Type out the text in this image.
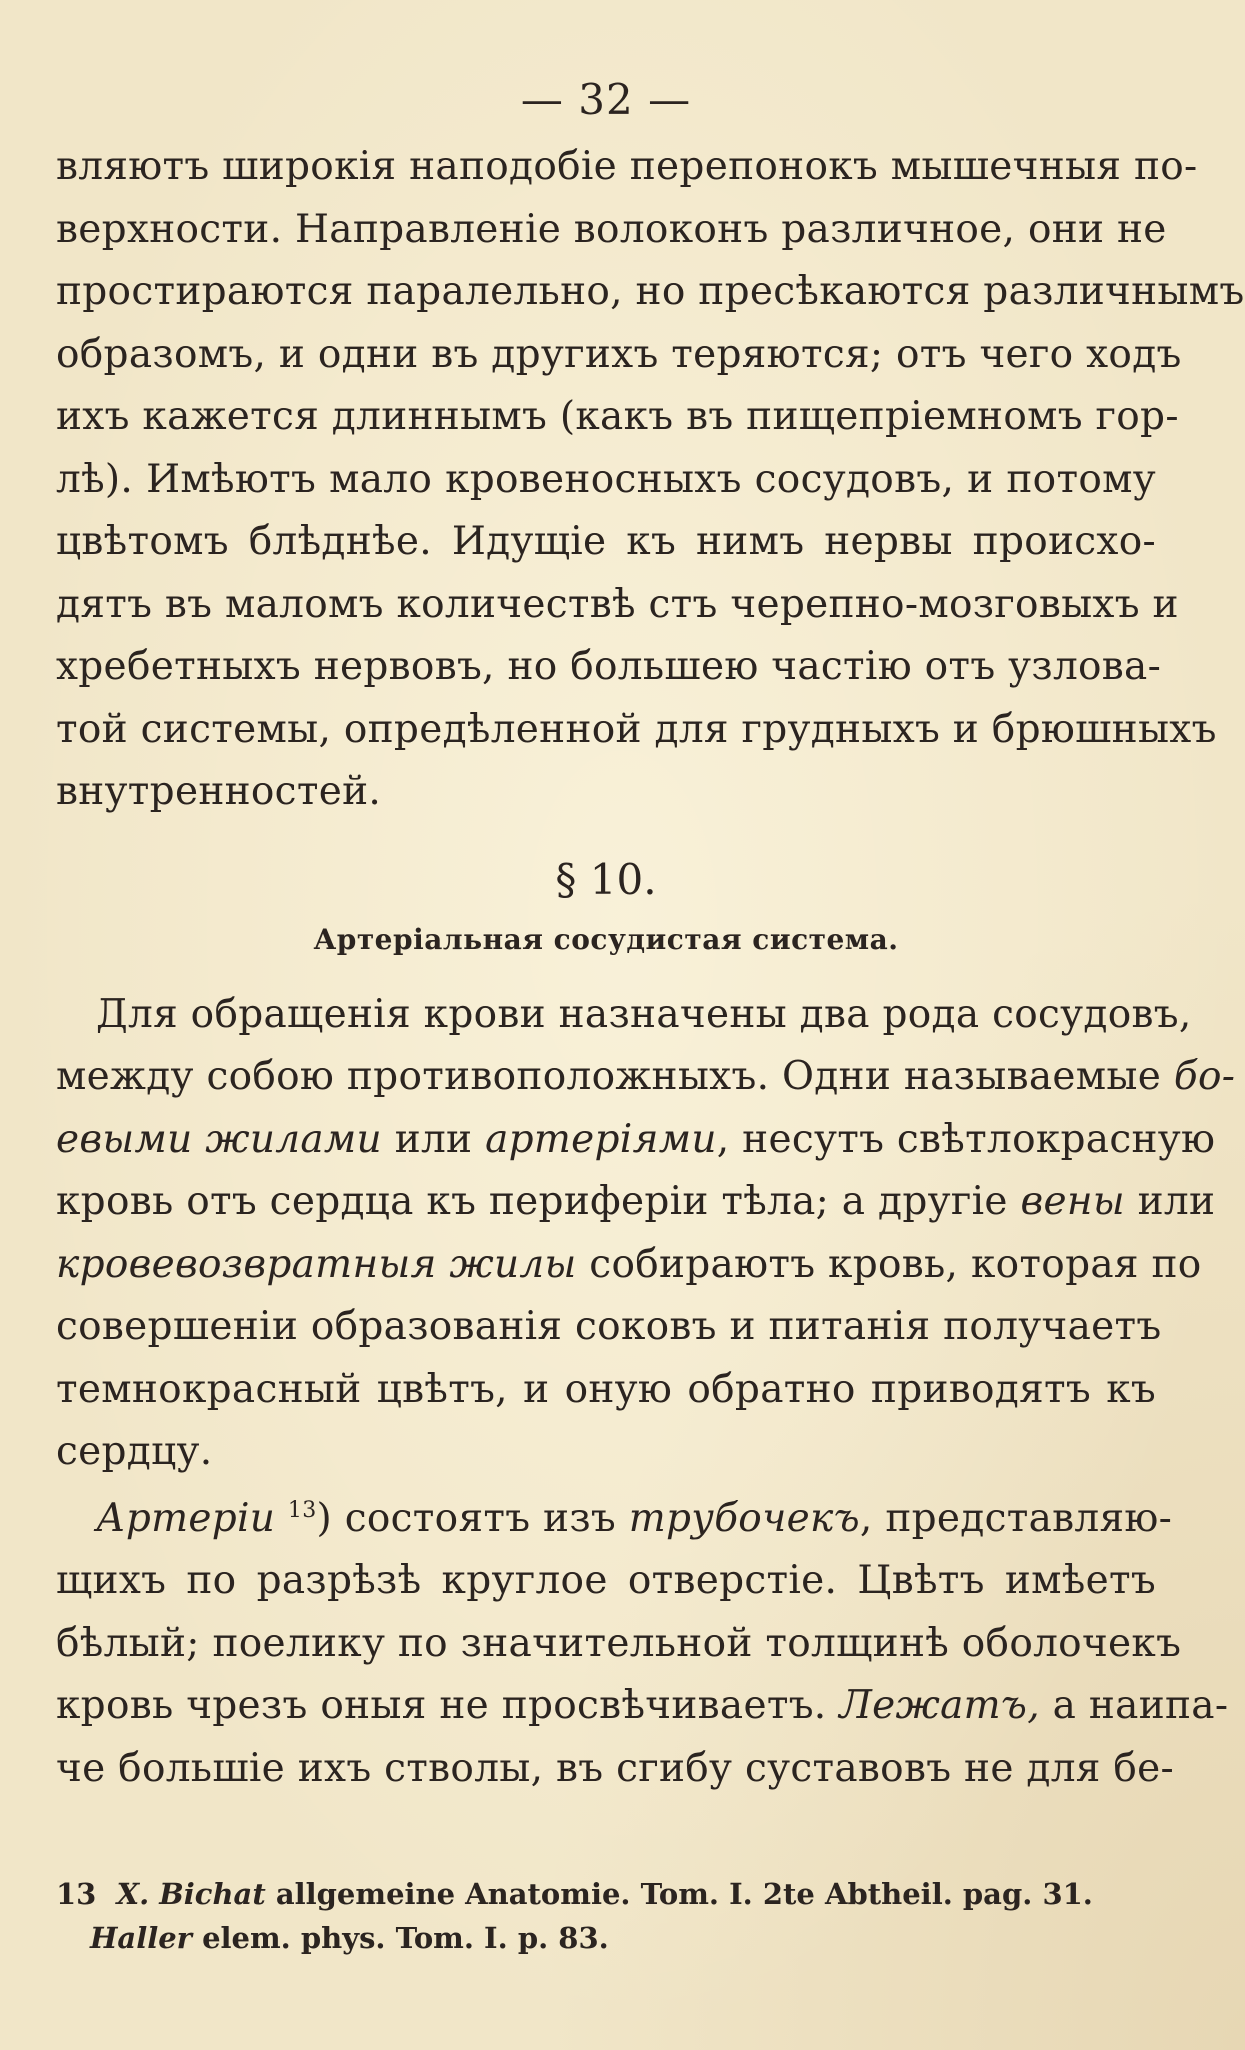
— 32 —
вляютъ широкія наподобіе перепонокъ мышечныя по-
верхности. Направленіе волоконъ различное, они не
простираются паралельно, но пресѣкаются различнымъ
образомъ, и одни въ другихъ теряются; отъ чего ходъ
ихъ кажется длиннымъ (какъ въ пищепріемномъ гор-
лѣ). Имѣютъ мало кровеносныхъ сосудовъ, и потому
цвѣтомъ блѣднѣе. Идущіе къ нимъ нервы происхо-
дятъ въ маломъ количествѣ стъ черепно-мозговыхъ и
хребетныхъ нервовъ, но большею частію отъ узлова-
той системы, опредѣленной для грудныхъ и брюшныхъ
внутренностей.
§ 10.
Артеріальная сосудистая система.
Для обращенія крови назначены два рода сосудовъ,
между собою противоположныхъ. Одни называемые бо-
евыми жилами или артеріями, несутъ свѣтлокрасную
кровь отъ сердца къ периферіи тѣла; а другіе вены или
кровевозвратныя жилы собираютъ кровь, которая по
совершеніи образованія соковъ и питанія получаетъ
темнокрасный цвѣтъ, и оную обратно приводятъ къ
сердцу.
Артеріи $^{13}$) состоятъ изъ трубочекъ, представляю-
щихъ по разрѣзѣ круглое отверстіе. Цвѣтъ имѣетъ
бѣлый; поелику по значительной толщинѣ оболочекъ
кровь чрезъ оныя не просвѣчиваетъ. Лежатъ, а наипа-
че большіе ихъ стволы, въ сгибу суставовъ не для бе-
13 X. Bichat allgemeine Anatomie. Tom. I. 2te Abtheil. pag. 31.
Haller elem. phys. Tom. I. p. 83.
